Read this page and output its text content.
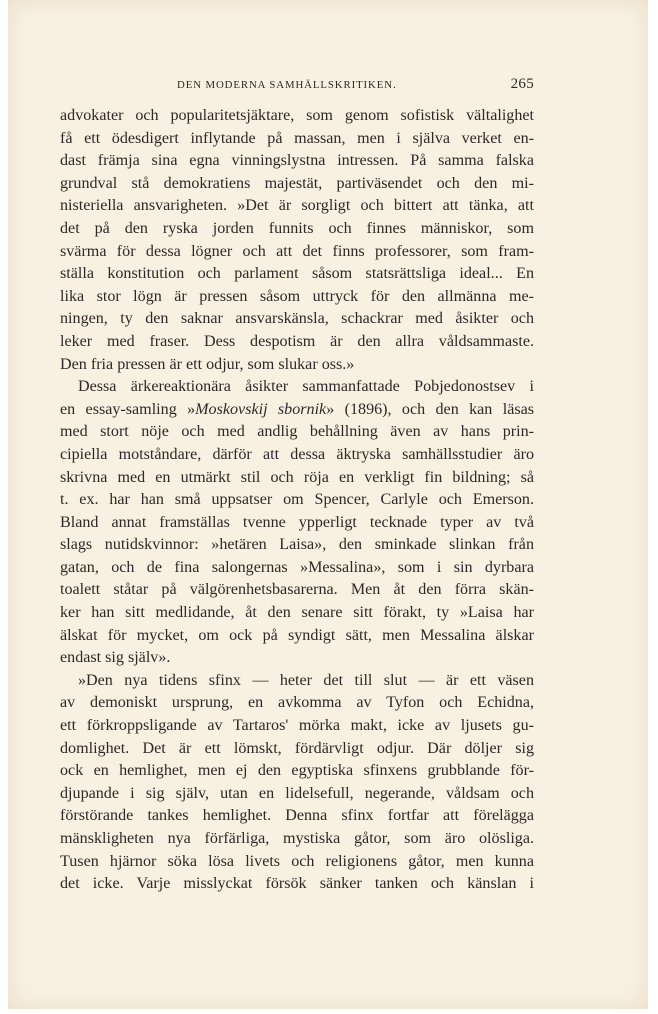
DEN MODERNA SAMHÄLLSKRITIKEN.	265
advokater och popularitetsjäktare, som genom sofistisk vältalighet
få ett ödesdigert inflytande på massan, men i själva verket en-
dast främja sina egna vinningslystna intressen. På samma falska
grundval stå demokratiens majestät, partiväsendet och den mi-
nisteriella ansvarigheten. »Det är sorgligt och bittert att tänka, att
det på den ryska jorden funnits och finnes människor, som
svärma för dessa lögner och att det finns professorer, som fram-
ställa konstitution och parlament såsom statsrättsliga ideal... En
lika stor lögn är pressen såsom uttryck för den allmänna me-
ningen, ty den saknar ansvarskänsla, schackrar med åsikter och
leker med fraser. Dess despotism är den allra våldsammaste.
Den fria pressen är ett odjur, som slukar oss.»
Dessa ärkereaktionära åsikter sammanfattade Pobjedonostsev i
en essay-samling »Moskovskij sbornik» (1896), och den kan läsas
med stort nöje och med andlig behållning även av hans prin-
cipiella motståndare, därför att dessa äktryska samhällsstudier äro
skrivna med en utmärkt stil och röja en verkligt fin bildning; så
t. ex. har han små uppsatser om Spencer, Carlyle och Emerson.
Bland annat framställas tvenne ypperligt tecknade typer av två
slags nutidskvinnor: »hetären Laisa», den sminkade slinkan från
gatan, och de fina salongernas »Messalina», som i sin dyrbara
toalett ståtar på välgörenhetsbasarerna. Men åt den förra skän-
ker han sitt medlidande, åt den senare sitt förakt, ty »Laisa har
älskat för mycket, om ock på syndigt sätt, men Messalina älskar
endast sig själv».
»Den nya tidens sfinx — heter det till slut — är ett väsen
av demoniskt ursprung, en avkomma av Tyfon och Echidna,
ett förkroppsligande av Tartaros' mörka makt, icke av ljusets gu-
domlighet. Det är ett lömskt, fördärvligt odjur. Där döljer sig
ock en hemlighet, men ej den egyptiska sfinxens grubblande för-
djupande i sig själv, utan en lidelsefull, negerande, våldsam och
förstörande tankes hemlighet. Denna sfinx fortfar att förelägga
mänskligheten nya förfärliga, mystiska gåtor, som äro olösliga.
Tusen hjärnor söka lösa livets och religionens gåtor, men kunna
det icke. Varje misslyckat försök sänker tanken och känslan i
